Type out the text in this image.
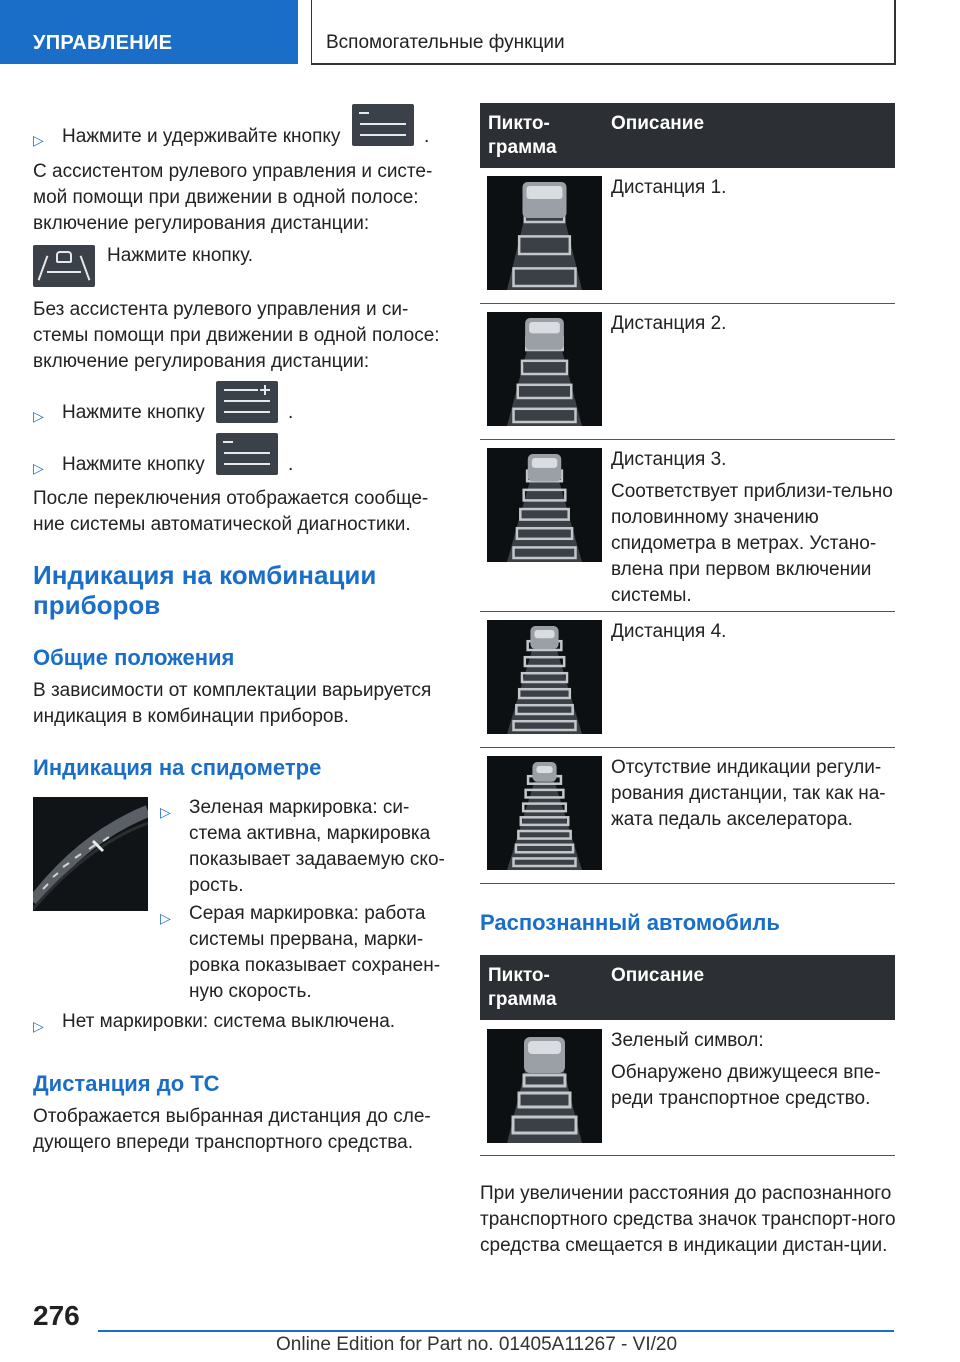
УПРАВЛЕНИЕ	Вспомогательные функции
▷ Нажмите и удерживайте кнопку	.
С ассистентом рулевого управления и систе-мой помощи при движении в одной полосе: включение регулирования дистанции:
Нажмите кнопку.
Без ассистента рулевого управления и си-стемы помощи при движении в одной полосе: включение регулирования дистанции:
▷ Нажмите кнопку	.
▷ Нажмите кнопку	.
После переключения отображается сообще-ние системы автоматической диагностики.
Индикация на комбинации приборов
Общие положения
В зависимости от комплектации варьируется индикация в комбинации приборов.
Индикация на спидометре
▷ Зеленая маркировка: си-стема активна, маркировка показывает задаваемую ско-рость.
▷ Серая маркировка: работа системы прервана, марки-ровка показывает сохранен-ную скорость.
▷ Нет маркировки: система выключена.
Дистанция до ТС
Отображается выбранная дистанция до сле-дующего впереди транспортного средства.
Пикто-грамма
Описание
Дистанция 1.
Дистанция 2.
Дистанция 3.
Соответствует приблизи-тельно половинному значению спидометра в метрах. Устано-влена при первом включении системы.
Дистанция 4.
Отсутствие индикации регули-рования дистанции, так как на-жата педаль акселератора.
Распознанный автомобиль
Пикто-грамма
Описание
Зеленый символ:
Обнаружено движущееся впе-реди транспортное средство.
При увеличении расстояния до распознанного транспортного средства значок транспорт-ного средства смещается в индикации дистан-ции.
276
Online Edition for Part no. 01405A11267 - VI/20
